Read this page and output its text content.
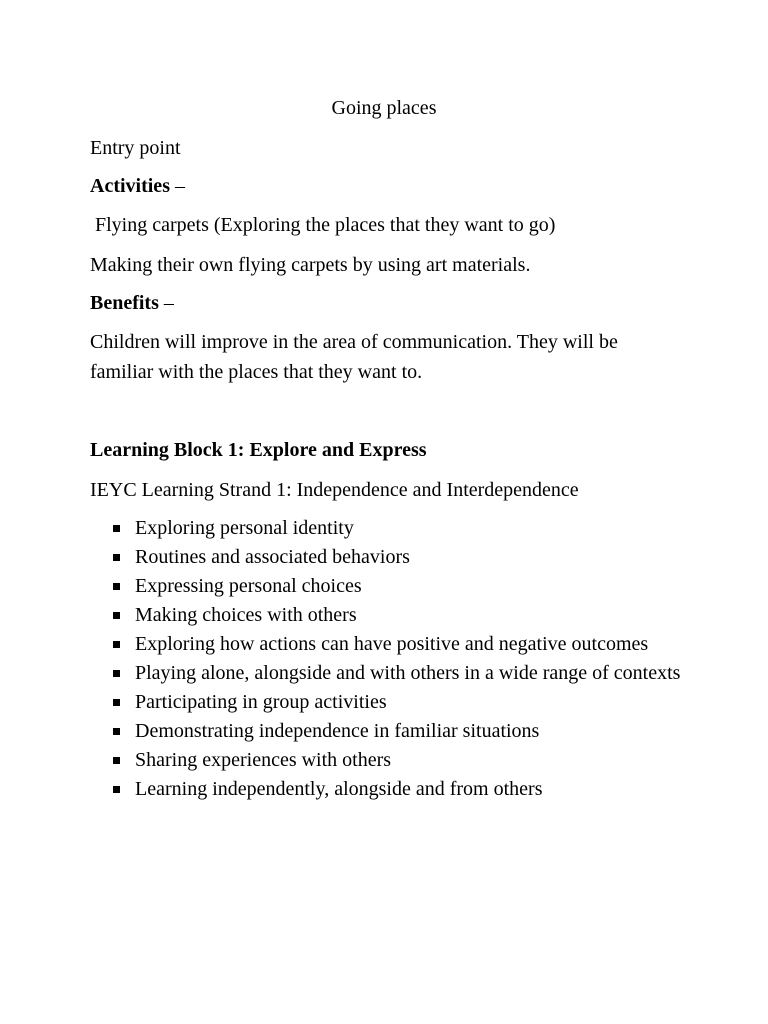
Going places
Entry point
Activities –
Flying carpets (Exploring the places that they want to go)
Making their own flying carpets by using art materials.
Benefits –
Children will improve in the area of communication. They will be familiar with the places that they want to.
Learning Block 1: Explore and Express
IEYC Learning Strand 1: Independence and Interdependence
Exploring personal identity
Routines and associated behaviors
Expressing personal choices
Making choices with others
Exploring how actions can have positive and negative outcomes
Playing alone, alongside and with others in a wide range of contexts
Participating in group activities
Demonstrating independence in familiar situations
Sharing experiences with others
Learning independently, alongside and from others
